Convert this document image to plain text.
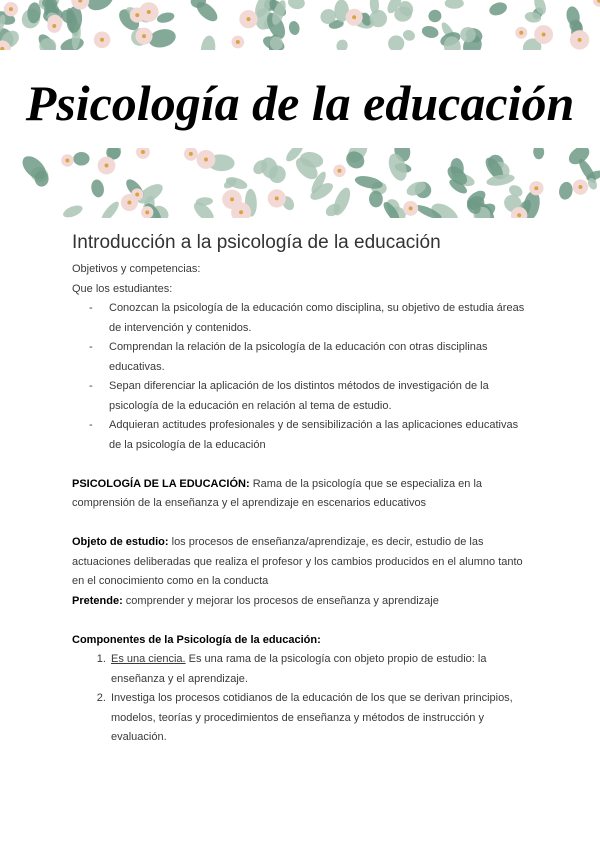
Psicología de la educación
Introducción a la psicología de la educación
Objetivos y competencias:
Que los estudiantes:
- Conozcan la psicología de la educación como disciplina, su objetivo de estudia áreas de intervención y contenidos.
- Comprendan la relación de la psicología de la educación con otras disciplinas educativas.
- Sepan diferenciar la aplicación de los distintos métodos de investigación de la psicología de la educación en relación al tema de estudio.
- Adquieran actitudes profesionales y de sensibilización a las aplicaciones educativas de la psicología de la educación
PSICOLOGÍA DE LA EDUCACIÓN: Rama de la psicología que se especializa en la comprensión de la enseñanza y el aprendizaje en escenarios educativos
Objeto de estudio: los procesos de enseñanza/aprendizaje, es decir, estudio de las actuaciones deliberadas que realiza el profesor y los cambios producidos en el alumno tanto en el conocimiento como en la conducta
Pretende: comprender y mejorar los procesos de enseñanza y aprendizaje
Componentes de la Psicología de la educación:
1. Es una ciencia. Es una rama de la psicología con objeto propio de estudio: la enseñanza y el aprendizaje.
2. Investiga los procesos cotidianos de la educación de los que se derivan principios, modelos, teorías y procedimientos de enseñanza y métodos de instrucción y evaluación.
